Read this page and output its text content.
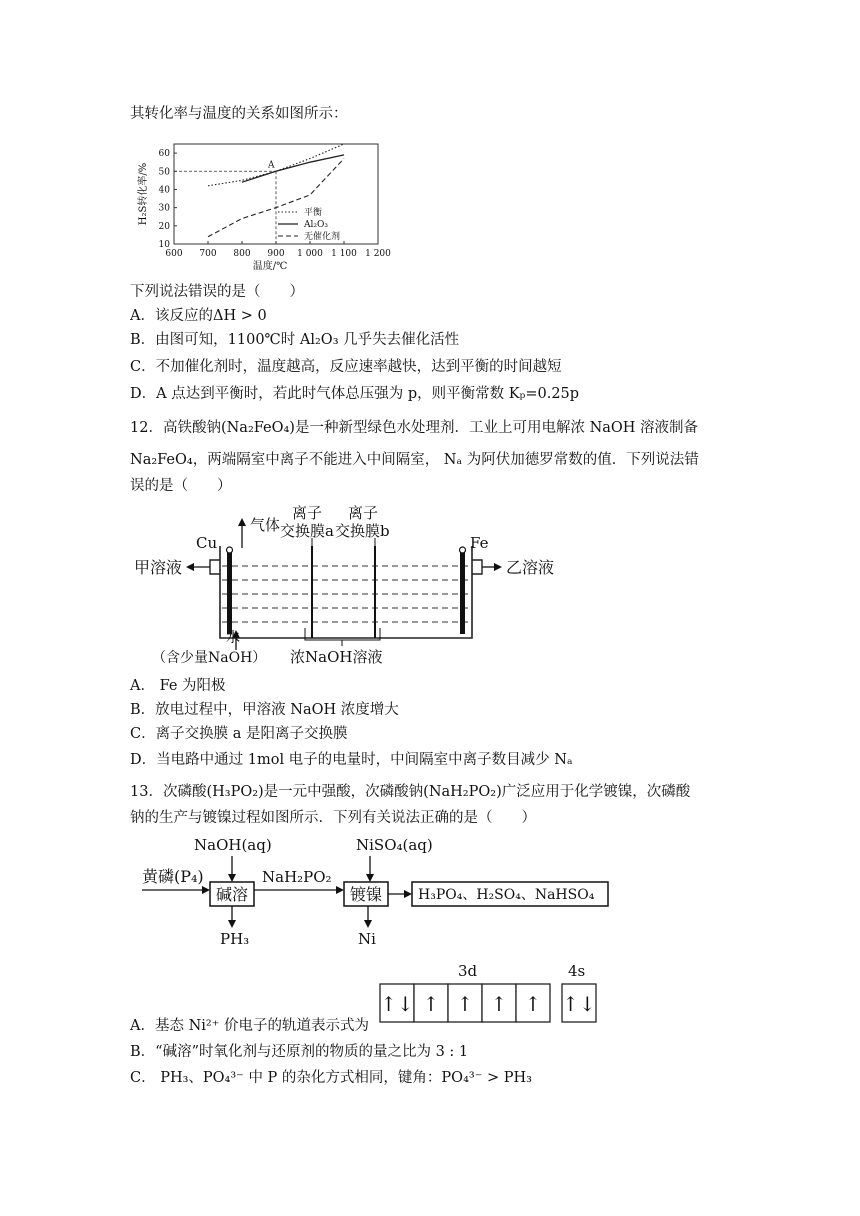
其转化率与温度的关系如图所示：
600 700 800 900 1 000 1 100 1 200
10
20
30
40
50
60
温度/℃
H₂S转化率/%	A
平衡
Al₂O₃
无催化剂
下列说法错误的是（　　）
A．该反应的ΔH > 0
B．由图可知，1100℃时 Al₂O₃ 几乎失去催化活性
C．不加催化剂时，温度越高，反应速率越快，达到平衡的时间越短
D．A 点达到平衡时，若此时气体总压强为 p，则平衡常数 Kₚ=0.25p
12．高铁酸钠(Na₂FeO₄)是一种新型绿色水处理剂．工业上可用电解浓 NaOH 溶液制备
Na₂FeO₄，两端隔室中离子不能进入中间隔室， Nₐ 为阿伏加德罗常数的值．下列说法错
误的是（　　）
气体
离子
交换膜a
离子
交换膜b
Cu	Fe
甲溶液	乙溶液
水
（含少量NaOH） 浓NaOH溶液
A． Fe 为阳极
B．放电过程中，甲溶液 NaOH 浓度增大
C．离子交换膜 a 是阳离子交换膜
D．当电路中通过 1mol 电子的电量时，中间隔室中离子数目减少 Nₐ
13．次磷酸(H₃PO₂)是一元中强酸，次磷酸钠(NaH₂PO₂)广泛应用于化学镀镍，次磷酸
钠的生产与镀镍过程如图所示．下列有关说法正确的是（　　）
NaOH(aq)	NiSO₄(aq)
黄磷(P₄)
碱溶
NaH₂PO₂
镀镍	H₃PO₄、H₂SO₄、NaHSO₄
PH₃	Ni
3d	4s
↑↓ ↑ ↑ ↑ ↑ ↑↓
A．基态 Ni²⁺ 价电子的轨道表示式为
B．“碱溶”时氧化剂与还原剂的物质的量之比为 3 : 1
C． PH₃、PO₄³⁻ 中 P 的杂化方式相同，键角：PO₄³⁻ > PH₃
